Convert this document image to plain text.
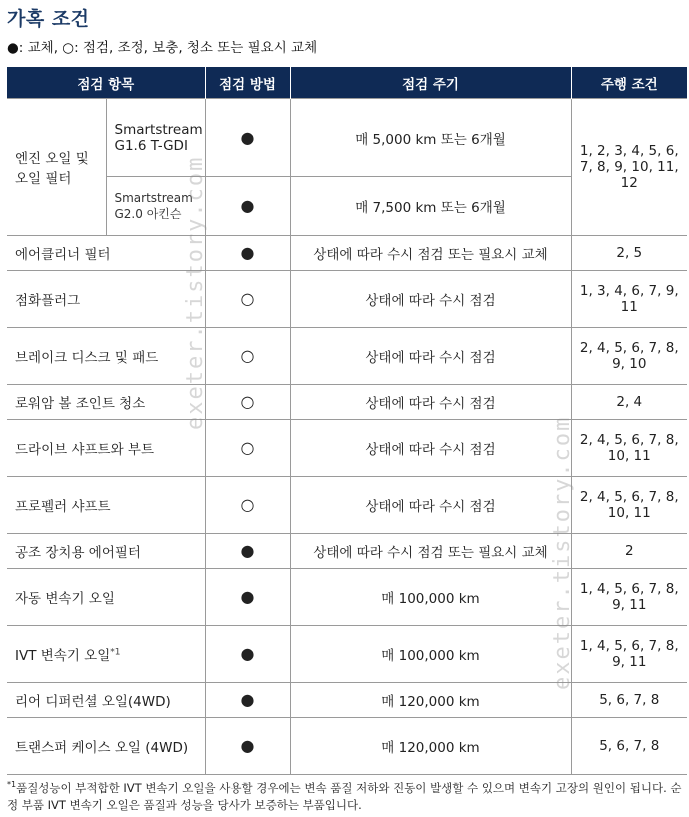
가혹 조건
●: 교체, ○: 점검, 조정, 보충, 청소 또는 필요시 교체
점검 항목		점검 방법	점검 주기	주행 조건
엔진 오일 및 오일 필터	Smartstream G1.6 T-GDI	●	매 5,000 km 또는 6개월	1, 2, 3, 4, 5, 6, 7, 8, 9, 10, 11, 12
	Smartstream G2.0 아킨슨	●	매 7,500 km 또는 6개월	
에어클리너 필터		●	상태에 따라 수시 점검 또는 필요시 교체	2, 5
점화플러그		○	상태에 따라 수시 점검	1, 3, 4, 6, 7, 9, 11
브레이크 디스크 및 패드		○	상태에 따라 수시 점검	2, 4, 5, 6, 7, 8, 9, 10
로워암 볼 조인트 청소		○	상태에 따라 수시 점검	2, 4
드라이브 샤프트와 부트		○	상태에 따라 수시 점검	2, 4, 5, 6, 7, 8, 10, 11
프로펠러 샤프트		○	상태에 따라 수시 점검	2, 4, 5, 6, 7, 8, 10, 11
공조 장치용 에어필터		●	상태에 따라 수시 점검 또는 필요시 교체	2
자동 변속기 오일		●	매 100,000 km	1, 4, 5, 6, 7, 8, 9, 11
IVT 변속기 오일$^{*1}$		●	매 100,000 km	1, 4, 5, 6, 7, 8, 9, 11
리어 디퍼런셜 오일(4WD)		●	매 120,000 km	5, 6, 7, 8
트랜스퍼 케이스 오일 (4WD)		●	매 120,000 km	5, 6, 7, 8
$^{*1}$품질성능이 부적합한 IVT 변속기 오일을 사용할 경우에는 변속 품질 저하와 진동이 발생할 수 있으며 변속기 고장의 원인이 됩니다. 순정 부품 IVT 변속기 오일은 품질과 성능을 당사가 보증하는 부품입니다.
exeter.tistory.com
exeter.tistory.com
